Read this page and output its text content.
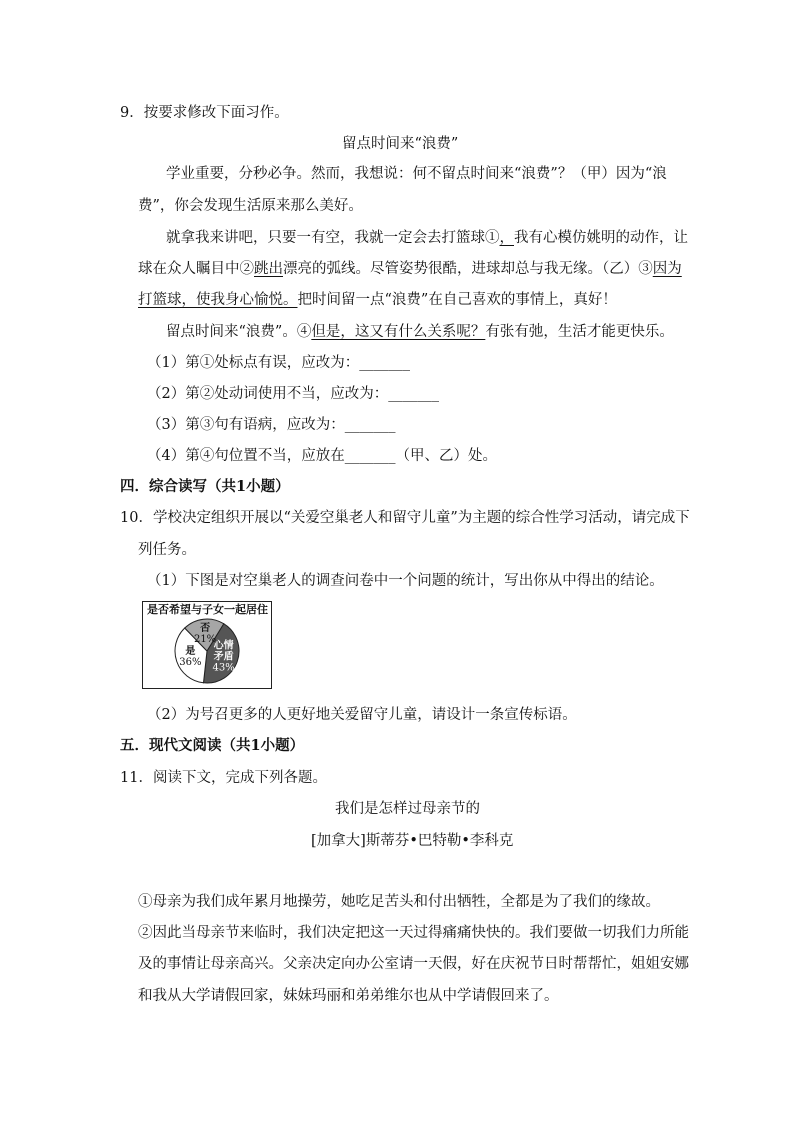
9．按要求修改下面习作。
留点时间来“浪费”
学业重要，分秒必争。然而，我想说：何不留点时间来“浪费”？（甲）因为“浪
费”，你会发现生活原来那么美好。
就拿我来讲吧，只要一有空，我就一定会去打篮球①，我有心模仿姚明的动作，让
球在众人瞩目中②跳出漂亮的弧线。尽管姿势很酷，进球却总与我无缘。（乙）③因为
打篮球，使我身心愉悦。把时间留一点“浪费”在自己喜欢的事情上，真好！
留点时间来“浪费”。④但是，这又有什么关系呢？有张有弛，生活才能更快乐。
（1）第①处标点有误，应改为：_______
（2）第②处动词使用不当，应改为：_______
（3）第③句有语病，应改为：_______
（4）第④句位置不当，应放在_______（甲、乙）处。
四．综合读写（共1小题）
10．学校决定组织开展以“关爱空巢老人和留守儿童”为主题的综合性学习活动，请完成下
列任务。
（1）下图是对空巢老人的调查问卷中一个问题的统计，写出你从中得出的结论。
是否希望与子女一起居住
心情
矛盾
43%
是
36%
否
21%
（2）为号召更多的人更好地关爱留守儿童，请设计一条宣传标语。
五．现代文阅读（共1小题）
11．阅读下文，完成下列各题。
我们是怎样过母亲节的
[加拿大]斯蒂芬•巴特勒•李科克
①母亲为我们成年累月地操劳，她吃足苦头和付出牺牲，全都是为了我们的缘故。
②因此当母亲节来临时，我们决定把这一天过得痛痛快快的。我们要做一切我们力所能
及的事情让母亲高兴。父亲决定向办公室请一天假，好在庆祝节日时帮帮忙，姐姐安娜
和我从大学请假回家，妹妹玛丽和弟弟维尔也从中学请假回来了。
